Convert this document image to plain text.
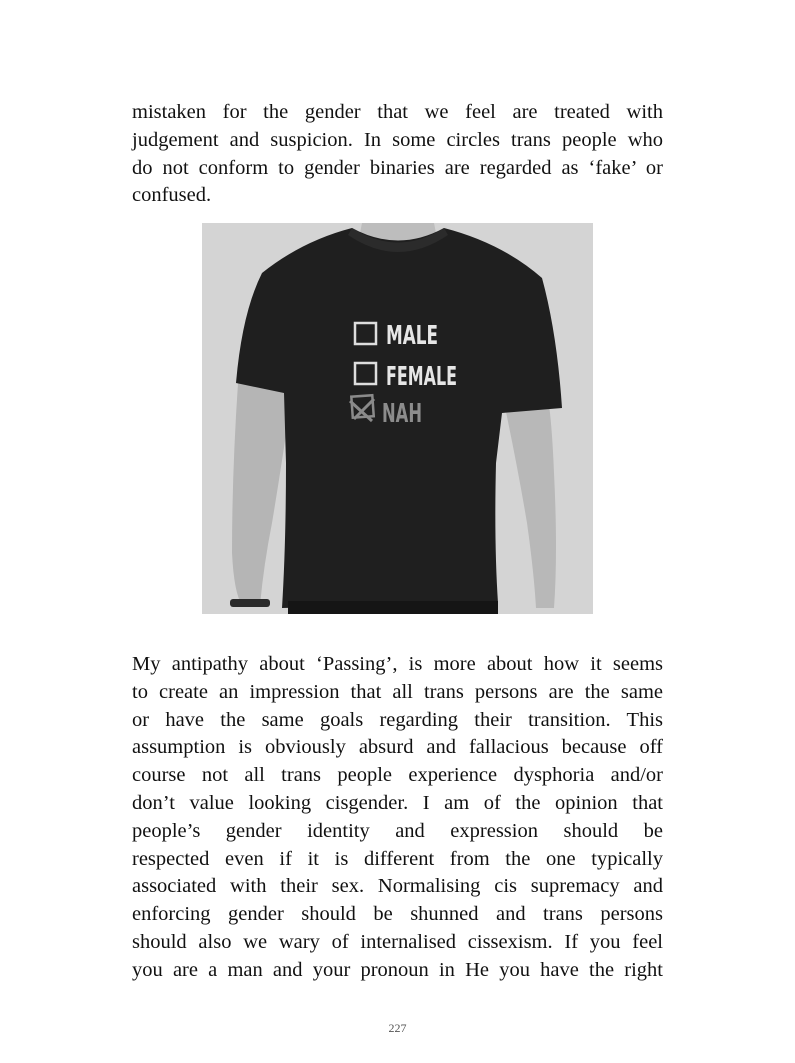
mistaken for the gender that we feel are treated with
judgement and suspicion. In some circles trans people who
do not conform to gender binaries are regarded as ‘fake’ or
confused.

MALE
FEMALE
NAH

My antipathy about ‘Passing’, is more about how it seems
to create an impression that all trans persons are the same
or have the same goals regarding their transition. This
assumption is obviously absurd and fallacious because off
course not all trans people experience dysphoria and/or
don’t value looking cisgender. I am of the opinion that
people’s gender identity and expression should be
respected even if it is different from the one typically
associated with their sex. Normalising cis supremacy and
enforcing gender should be shunned and trans persons
should also we wary of internalised cissexism. If you feel
you are a man and your pronoun in He you have the right

227
